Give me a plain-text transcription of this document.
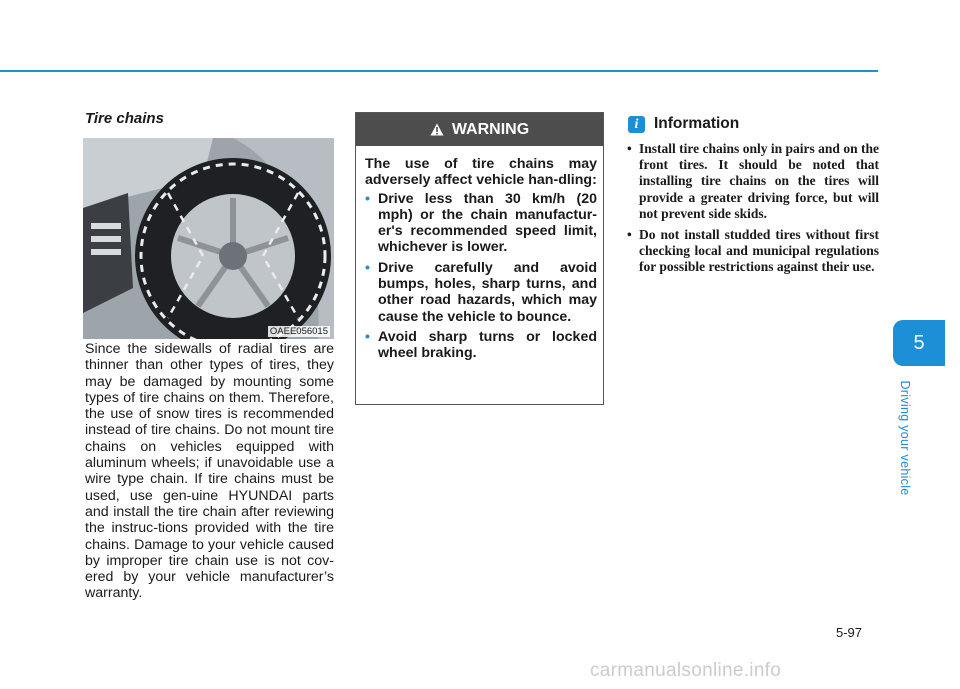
Tire chains
OAEE056015

Since the sidewalls of radial tires are thinner than other types of tires, they may be damaged by mounting some types of tire chains on them. Therefore, the use of snow tires is recommended instead of tire chains. Do not mount tire chains on vehicles equipped with aluminum wheels; if unavoidable use a wire type chain. If tire chains must be used, use gen-uine HYUNDAI parts and install the tire chain after reviewing the instruc-tions provided with the tire chains. Damage to your vehicle caused by improper tire chain use is not cov-ered by your vehicle manufacturer’s warranty.

WARNING

The use of tire chains may adversely affect vehicle han-dling:

• Drive less than 30 km/h (20 mph) or the chain manufactur-er's recommended speed limit, whichever is lower.
• Drive carefully and avoid bumps, holes, sharp turns, and other road hazards, which may cause the vehicle to bounce.
• Avoid sharp turns or locked wheel braking.
i	Information
• Install tire chains only in pairs and on the front tires. It should be noted that installing tire chains on the tires will provide a greater driving force, but will not prevent side skids.
• Do not install studded tires without first checking local and municipal regulations for possible restrictions against their use.
5
Driving your vehicle
5-97
carmanualsonline.info
